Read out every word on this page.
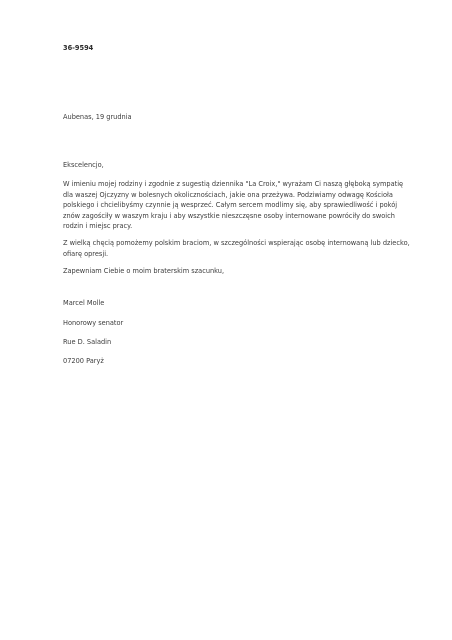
36-9594
Aubenas, 19 grudnia
Ekscelencjo,
W imieniu mojej rodziny i zgodnie z sugestią dziennika "La Croix," wyrażam Ci naszą głęboką sympatię
dla waszej Ojczyzny w bolesnych okolicznościach, jakie ona przeżywa. Podziwiamy odwagę Kościoła
polskiego i chcielibyśmy czynnie ją wesprzeć. Całym sercem modlimy się, aby sprawiedliwość i pokój
znów zagościły w waszym kraju i aby wszystkie nieszczęsne osoby internowane powróciły do swoich
rodzin i miejsc pracy.
Z wielką chęcią pomożemy polskim braciom, w szczególności wspierając osobę internowaną lub dziecko,
ofiarę opresji.
Zapewniam Ciebie o moim braterskim szacunku,
Marcel Molle
Honorowy senator
Rue D. Saladin
07200 Paryż
